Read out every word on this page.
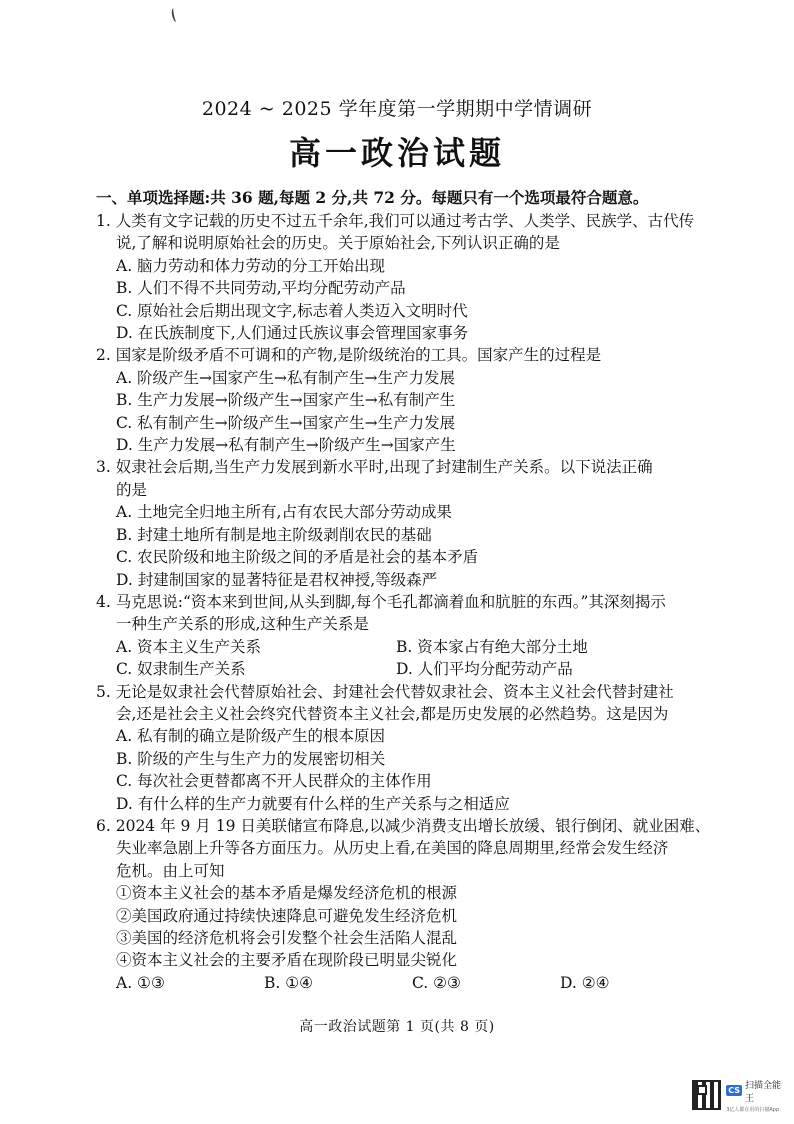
2024 ~ 2025 学年度第一学期期中学情调研
高一政治试题
一、单项选择题:共 36 题,每题 2 分,共 72 分。每题只有一个选项最符合题意。
1. 人类有文字记载的历史不过五千余年,我们可以通过考古学、人类学、民族学、古代传
说,了解和说明原始社会的历史。关于原始社会,下列认识正确的是
A. 脑力劳动和体力劳动的分工开始出现
B. 人们不得不共同劳动,平均分配劳动产品
C. 原始社会后期出现文字,标志着人类迈入文明时代
D. 在氏族制度下,人们通过氏族议事会管理国家事务
2. 国家是阶级矛盾不可调和的产物,是阶级统治的工具。国家产生的过程是
A. 阶级产生→国家产生→私有制产生→生产力发展
B. 生产力发展→阶级产生→国家产生→私有制产生
C. 私有制产生→阶级产生→国家产生→生产力发展
D. 生产力发展→私有制产生→阶级产生→国家产生
3. 奴隶社会后期,当生产力发展到新水平时,出现了封建制生产关系。以下说法正确
的是
A. 土地完全归地主所有,占有农民大部分劳动成果
B. 封建土地所有制是地主阶级剥削农民的基础
C. 农民阶级和地主阶级之间的矛盾是社会的基本矛盾
D. 封建制国家的显著特征是君权神授,等级森严
4. 马克思说:“资本来到世间,从头到脚,每个毛孔都滴着血和肮脏的东西。”其深刻揭示
一种生产关系的形成,这种生产关系是
A. 资本主义生产关系	B. 资本家占有绝大部分土地
C. 奴隶制生产关系	D. 人们平均分配劳动产品
5. 无论是奴隶社会代替原始社会、封建社会代替奴隶社会、资本主义社会代替封建社
会,还是社会主义社会终究代替资本主义社会,都是历史发展的必然趋势。这是因为
A. 私有制的确立是阶级产生的根本原因
B. 阶级的产生与生产力的发展密切相关
C. 每次社会更替都离不开人民群众的主体作用
D. 有什么样的生产力就要有什么样的生产关系与之相适应
6. 2024 年 9 月 19 日美联储宣布降息,以减少消费支出增长放缓、银行倒闭、就业困难、
失业率急剧上升等各方面压力。从历史上看,在美国的降息周期里,经常会发生经济
危机。由上可知
①资本主义社会的基本矛盾是爆发经济危机的根源
②美国政府通过持续快速降息可避免发生经济危机
③美国的经济危机将会引发整个社会生活陷人混乱
④资本主义社会的主要矛盾在现阶段已明显尖锐化
A. ①③	B. ①④	C. ②③	D. ②④
高一政治试题第 1 页(共 8 页)
CS 扫描全能王
3亿人都在用的扫描App
